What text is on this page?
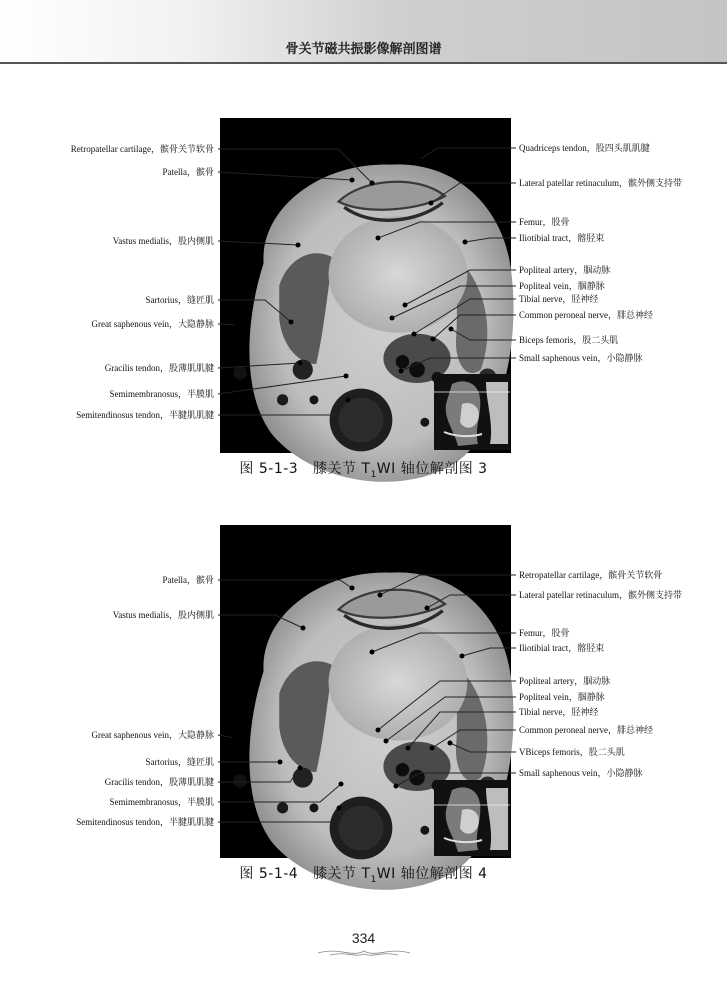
骨关节磁共振影像解剖图谱
Retropatellar cartilage，髌骨关节软骨
Patella，髌骨
Vastus medialis，股内侧肌
Sartorius，缝匠肌
Great saphenous vein，大隐静脉
Gracilis tendon，股薄肌肌腱
Semimembranosus，半膜肌
Semitendinosus tendon，半腱肌肌腱
Quadriceps tendon，股四头肌肌腱
Lateral patellar retinaculum，髌外侧支持带
Femur，股骨
Iliotibial tract，髂胫束
Popliteal artery，腘动脉
Popliteal vein，腘静脉
Tibial nerve，胫神经
Common peroneal nerve，腓总神经
Biceps femoris，股二头肌
Small saphenous vein，小隐静脉
图 5-1-3 膝关节 $T_1WI$ 轴位解剖图 3
Patella，髌骨
Vastus medialis，股内侧肌
Great saphenous vein，大隐静脉
Sartorius，缝匠肌
Gracilis tendon，股薄肌肌腱
Semimembranosus，半膜肌
Semitendinosus tendon，半腱肌肌腱
Retropatellar cartilage，髌骨关节软骨
Lateral patellar retinaculum，髌外侧支持带
Femur，股骨
Iliotibial tract，髂胫束
Popliteal artery，腘动脉
Popliteal vein，腘静脉
Tibial nerve，胫神经
Common peroneal nerve，腓总神经
VBiceps femoris，股二头肌
Small saphenous vein，小隐静脉
图 5-1-4 膝关节 $T_1WI$ 轴位解剖图 4
334
